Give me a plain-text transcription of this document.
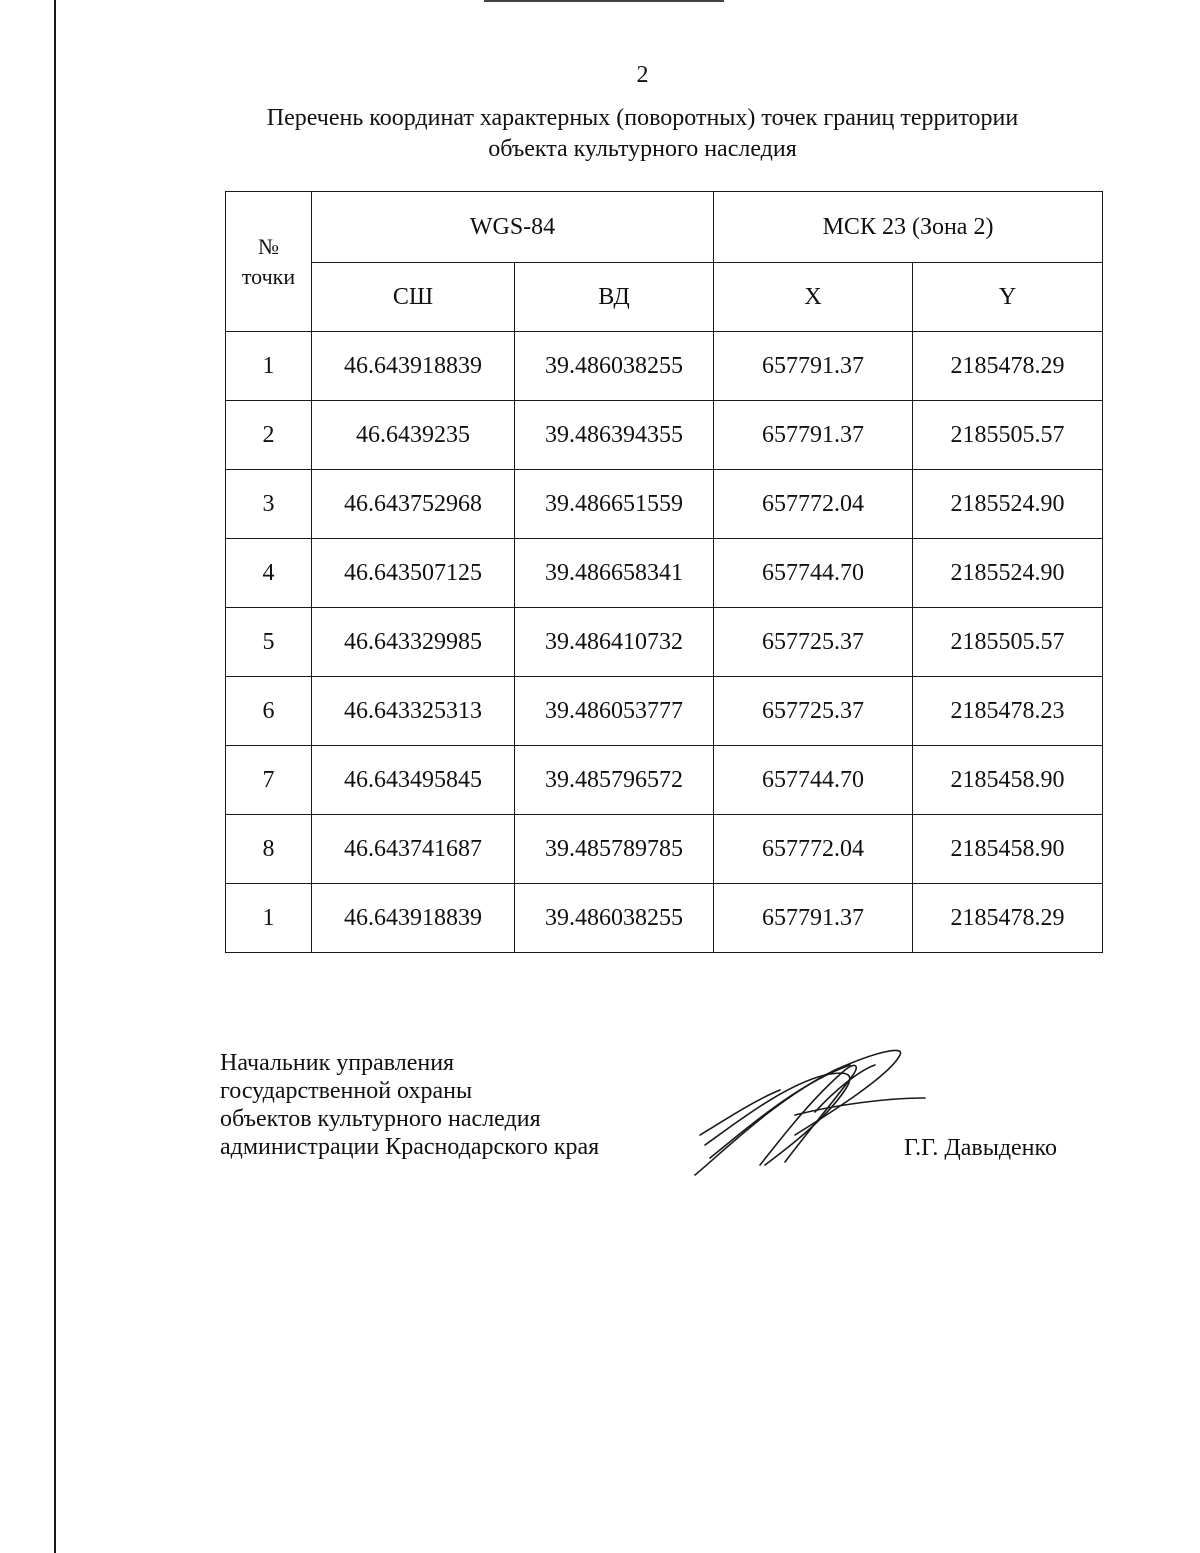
2
Перечень координат характерных (поворотных) точек границ территории
объекта культурного наследия
№
точки	WGS-84		МСК 23 (Зона 2)	
	СШ	ВД	X	Y
1	46.643918839	39.486038255	657791.37	2185478.29
2	46.6439235	39.486394355	657791.37	2185505.57
3	46.643752968	39.486651559	657772.04	2185524.90
4	46.643507125	39.486658341	657744.70	2185524.90
5	46.643329985	39.486410732	657725.37	2185505.57
6	46.643325313	39.486053777	657725.37	2185478.23
7	46.643495845	39.485796572	657744.70	2185458.90
8	46.643741687	39.485789785	657772.04	2185458.90
1	46.643918839	39.486038255	657791.37	2185478.29
Начальник управления
государственной охраны
объектов культурного наследия
администрации Краснодарского края	Г.Г. Давыденко
